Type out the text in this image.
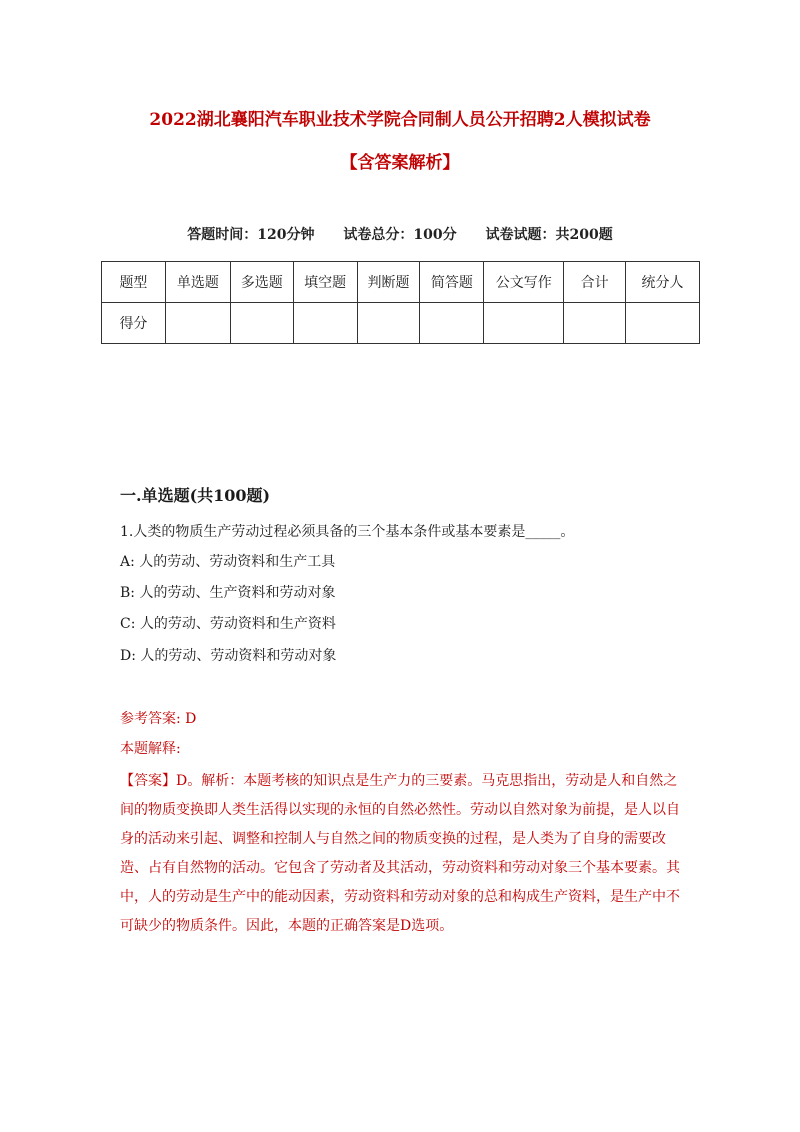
2022湖北襄阳汽车职业技术学院合同制人员公开招聘2人模拟试卷
【含答案解析】
答题时间：120分钟 试卷总分：100分 试卷试题：共200题
题型	单选题	多选题	填空题	判断题	简答题	公文写作	合计	统分人
得分								
一.单选题(共100题)
1.人类的物质生产劳动过程必须具备的三个基本条件或基本要素是_____。
A: 人的劳动、劳动资料和生产工具
B: 人的劳动、生产资料和劳动对象
C: 人的劳动、劳动资料和生产资料
D: 人的劳动、劳动资料和劳动对象
参考答案: D
本题解释:

【答案】D。解析：本题考核的知识点是生产力的三要素。马克思指出，劳动是人和自然之间的物质变换即人类生活得以实现的永恒的自然必然性。劳动以自然对象为前提，是人以自身的活动来引起、调整和控制人与自然之间的物质变换的过程，是人类为了自身的需要改造、占有自然物的活动。它包含了劳动者及其活动，劳动资料和劳动对象三个基本要素。其中，人的劳动是生产中的能动因素，劳动资料和劳动对象的总和构成生产资料，是生产中不可缺少的物质条件。因此，本题的正确答案是D选项。
